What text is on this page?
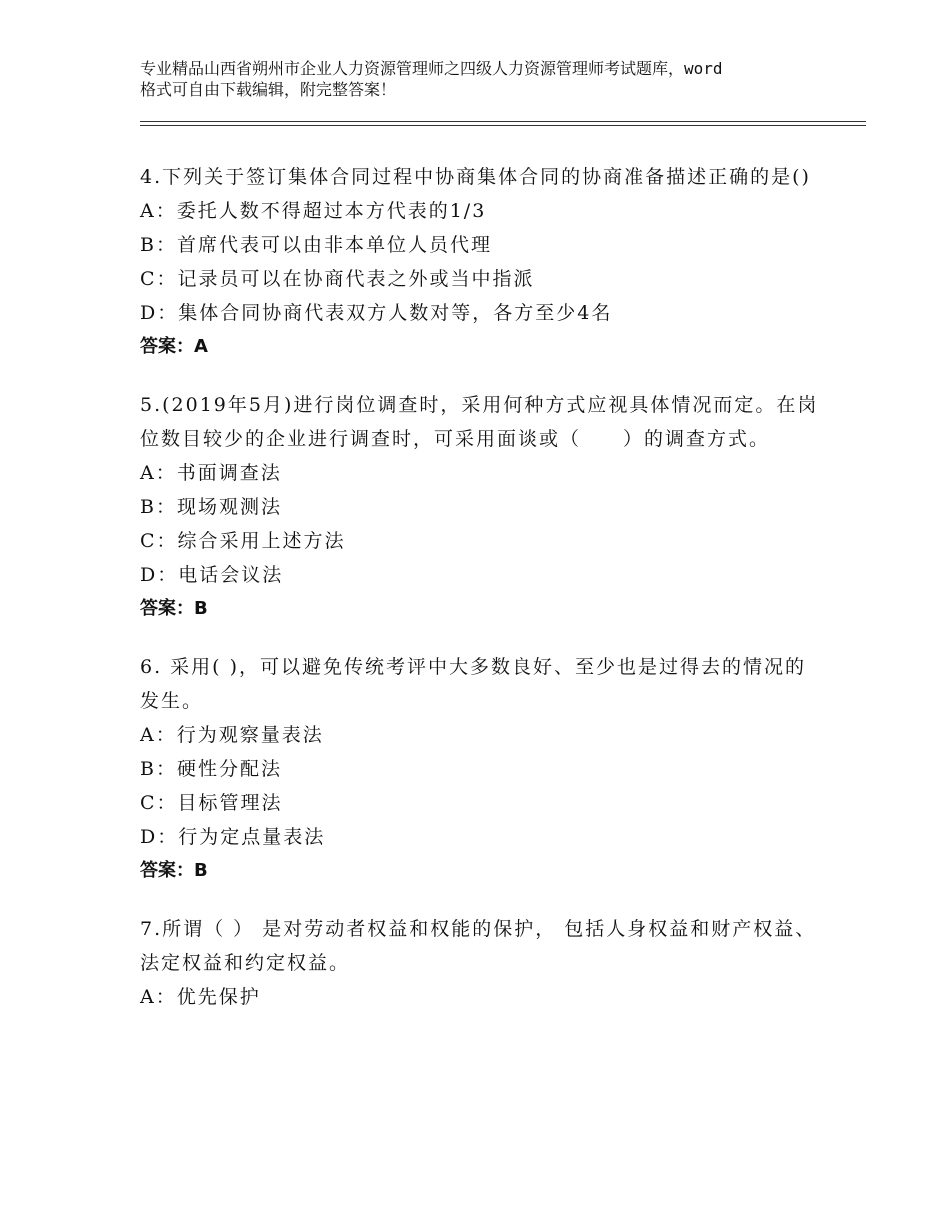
专业精品山西省朔州市企业人力资源管理师之四级人力资源管理师考试题库，word
格式可自由下载编辑，附完整答案！
4.下列关于签订集体合同过程中协商集体合同的协商准备描述正确的是()
A：委托人数不得超过本方代表的1/3
B：首席代表可以由非本单位人员代理
C：记录员可以在协商代表之外或当中指派
D：集体合同协商代表双方人数对等，各方至少4名
答案：A
5.(2019年5月)进行岗位调查时，采用何种方式应视具体情况而定。在岗位数目较少的企业进行调查时，可采用面谈或（　　）的调查方式。
A：书面调查法
B：现场观测法
C：综合采用上述方法
D：电话会议法
答案：B
6. 采用( )，可以避免传统考评中大多数良好、至少也是过得去的情况的发生。
A：行为观察量表法
B：硬性分配法
C：目标管理法
D：行为定点量表法
答案：B
7.所谓（ ） 是对劳动者权益和权能的保护， 包括人身权益和财产权益、 法定权益和约定权益。
A：优先保护
